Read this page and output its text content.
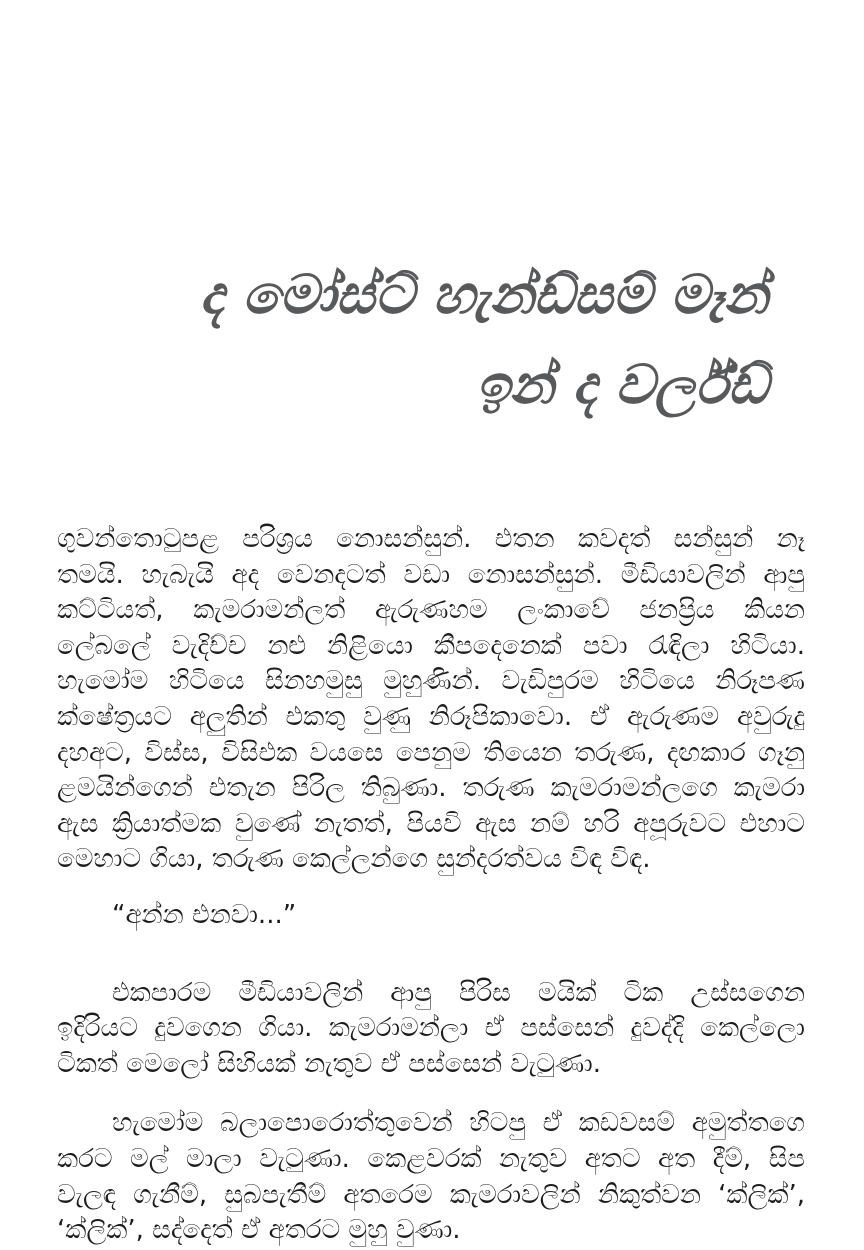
ද මෝස්ට් හැන්ඩ්සම් මෑන්
ඉන් ද වර්ල්ඩ්
ගුවන්තොටුපළ පරිශ්‍රය නොසන්සුන්. එතන කවදත් සන්සුන් නෑ
තමයි. හැබැයි අද වෙනදටත් වඩා නොසන්සුන්. මීඩියාවලින් ආපු
කට්ටියත්, කැමරාමන්ලත් ඇරුණහම ලංකාවේ ජනප්‍රිය කියන
ලේබලේ වැදිච්ච නළු නිළියො කීපදෙනෙක් පවා රැඳිලා හිටියා.
හැමෝම හිටියෙ සිනහමුසු මුහුණින්. වැඩිපුරම හිටියෙ නිරූපණ
ක්ෂේත්‍රයට අලුතින් එකතු වුණු නිරූපිකාවො. ඒ ඇරුණම අවුරුදු
දහඅට, විස්ස, විසිඑක වයසෙ පෙනුම තියෙන තරුණ, දඟකාර ගෑනු
ළමයින්ගෙන් එතැන පිරිල තිබුණා. තරුණ කැමරාමන්ලගෙ කැමරා
ඇස ක්‍රියාත්මක වුණේ නැතත්, පියවි ඇස නම් හරි අපූරුවට එහාට
මෙහාට ගියා, තරුණ කෙල්ලන්ගෙ සුන්දරත්වය විඳ විඳ.
“අන්න එනවා...”
එකපාරම මීඩියාවලින් ආපු පිරිස මයික් ටික උස්සගෙන
ඉදිරියට දුවගෙන ගියා. කැමරාමන්ලා ඒ පස්සෙන් දුවද්දි කෙල්ලො
ටිකත් මෙලෝ සිහියක් නැතුව ඒ පස්සෙන් වැටුණා.
හැමෝම බලාපොරොත්තුවෙන් හිටපු ඒ කඩවසම් අමුත්තගෙ
කරට මල් මාලා වැටුණා. කෙළවරක් නැතුව අතට අත දීම්, සිප
වැලඳ ගැනීම්, සුබපැතීම් අතරෙම කැමරාවලින් නිකුත්වන ‘ක්ලික්’,
‘ක්ලික්’, සද්දෙත් ඒ අතරට මුහු වුණා.
